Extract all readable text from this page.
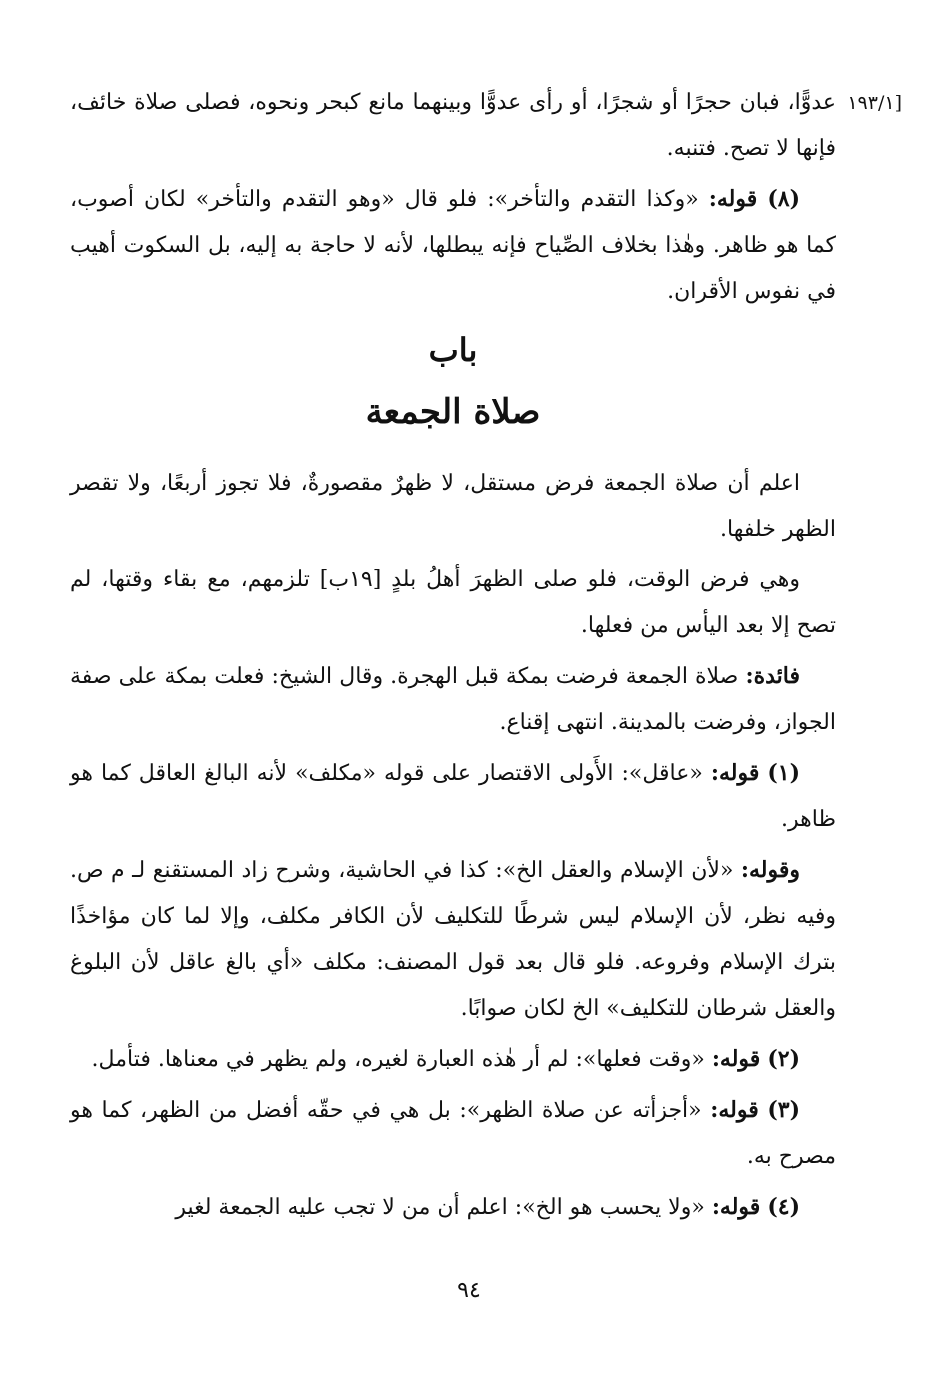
[١٩٣/١

عدوًّا، فبان حجرًا أو شجرًا، أو رأى عدوًّا وبينهما مانع كبحر ونحوه، فصلى صلاة خائف، فإنها لا تصح. فتنبه.

(٨) قوله: «وكذا التقدم والتأخر»: فلو قال «وهو التقدم والتأخر» لكان أصوب، كما هو ظاهر. وهٰذا بخلاف الصِّياح فإنه يبطلها، لأنه لا حاجة به إليه، بل السكوت أهيب في نفوس الأقران.

باب
صلاة الجمعة

اعلم أن صلاة الجمعة فرض مستقل، لا ظهرٌ مقصورةٌ، فلا تجوز أربعًا، ولا تقصر الظهر خلفها.

وهي فرض الوقت، فلو صلى الظهرَ أهلُ بلدٍ [١٩ب] تلزمهم، مع بقاء وقتها، لم تصح إلا بعد اليأس من فعلها.

فائدة: صلاة الجمعة فرضت بمكة قبل الهجرة. وقال الشيخ: فعلت بمكة على صفة الجواز، وفرضت بالمدينة. انتهى إقناع.

(١) قوله: «عاقل»: الأَولى الاقتصار على قوله «مكلف» لأنه البالغ العاقل كما هو ظاهر.

وقوله: «لأن الإسلام والعقل الخ»: كذا في الحاشية، وشرح زاد المستقنع لـ م ص. وفيه نظر، لأن الإسلام ليس شرطًا للتكليف لأن الكافر مكلف، وإلا لما كان مؤاخذًا بترك الإسلام وفروعه. فلو قال بعد قول المصنف: مكلف «أي بالغ عاقل لأن البلوغ والعقل شرطان للتكليف» الخ لكان صوابًا.

(٢) قوله: «وقت فعلها»: لم أر هٰذه العبارة لغيره، ولم يظهر في معناها. فتأمل.

(٣) قوله: «أجزأته عن صلاة الظهر»: بل هي في حقّه أفضل من الظهر، كما هو مصرح به.

(٤) قوله: «ولا يحسب هو الخ»: اعلم أن من لا تجب عليه الجمعة لغير

٩٤
